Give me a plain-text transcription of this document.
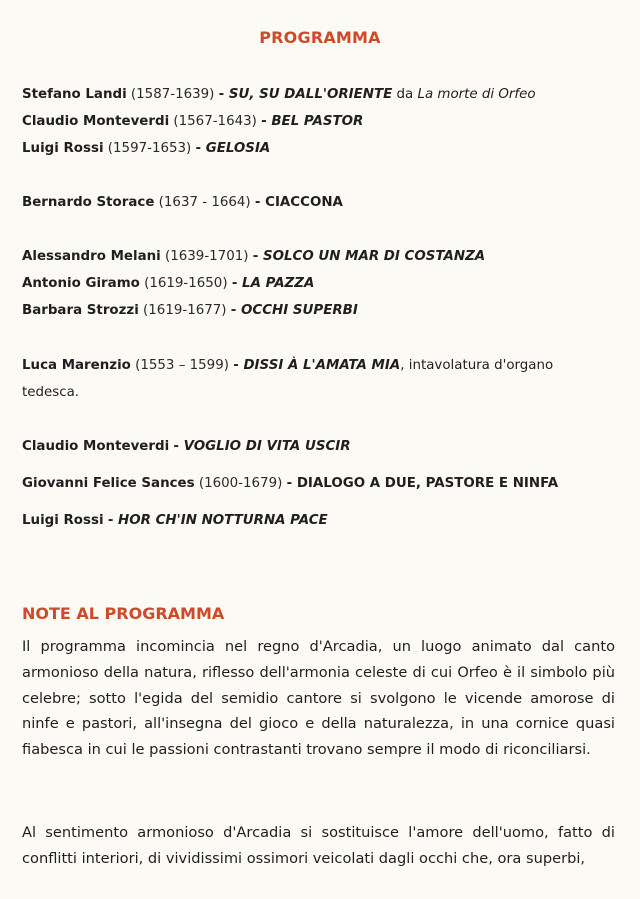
PROGRAMMA
Stefano Landi (1587-1639) - SU, SU DALL'ORIENTE da La morte di Orfeo
Claudio Monteverdi (1567-1643) - BEL PASTOR
Luigi Rossi (1597-1653) - GELOSIA
Bernardo Storace (1637 - 1664) - CIACCONA
Alessandro Melani (1639-1701) - SOLCO UN MAR DI COSTANZA
Antonio Giramo (1619-1650) - LA PAZZA
Barbara Strozzi (1619-1677) - OCCHI SUPERBI
Luca Marenzio (1553 – 1599) - DISSI À L'AMATA MIA, intavolatura d'organo
tedesca.
Claudio Monteverdi - VOGLIO DI VITA USCIR
Giovanni Felice Sances (1600-1679) - DIALOGO A DUE, PASTORE E NINFA
Luigi Rossi - HOR CH'IN NOTTURNA PACE
NOTE AL PROGRAMMA
Il programma incomincia nel regno d'Arcadia, un luogo animato dal canto armonioso della natura, riflesso dell'armonia celeste di cui Orfeo è il simbolo più celebre; sotto l'egida del semidio cantore si svolgono le vicende amorose di ninfe e pastori, all'insegna del gioco e della naturalezza, in una cornice quasi fiabesca in cui le passioni contrastanti trovano sempre il modo di riconciliarsi.
Al sentimento armonioso d'Arcadia si sostituisce l'amore dell'uomo, fatto di conflitti interiori, di vividissimi ossimori veicolati dagli occhi che, ora superbi,
